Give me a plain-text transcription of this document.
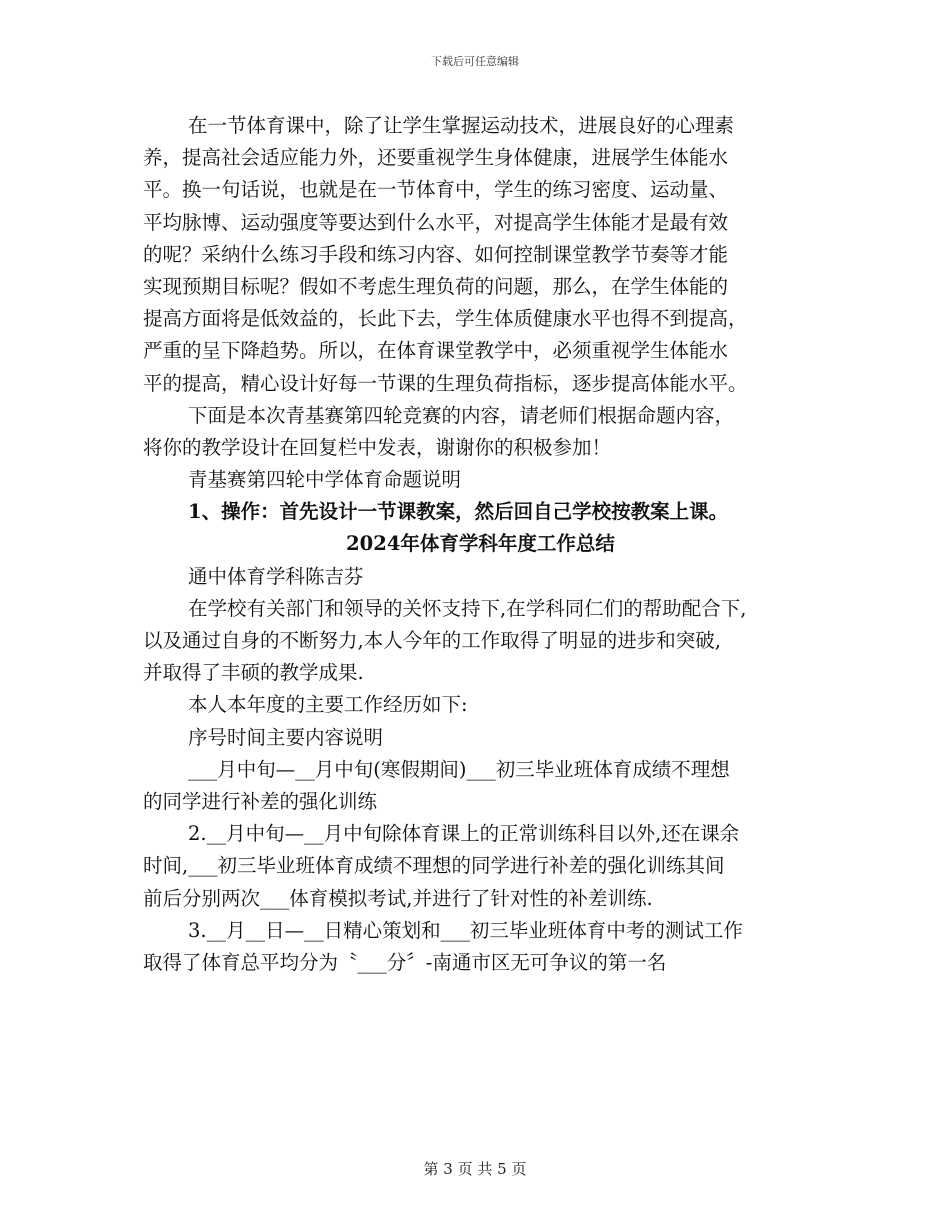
下载后可任意编辑
在一节体育课中，除了让学生掌握运动技术，进展良好的心理素
养，提高社会适应能力外，还要重视学生身体健康，进展学生体能水
平。换一句话说，也就是在一节体育中，学生的练习密度、运动量、
平均脉博、运动强度等要达到什么水平，对提高学生体能才是最有效
的呢？采纳什么练习手段和练习内容、如何控制课堂教学节奏等才能
实现预期目标呢？假如不考虑生理负荷的问题，那么，在学生体能的
提高方面将是低效益的，长此下去，学生体质健康水平也得不到提高，
严重的呈下降趋势。所以，在体育课堂教学中，必须重视学生体能水
平的提高，精心设计好每一节课的生理负荷指标，逐步提高体能水平。
下面是本次青基赛第四轮竞赛的内容，请老师们根据命题内容，
将你的教学设计在回复栏中发表，谢谢你的积极参加！
青基赛第四轮中学体育命题说明
1、操作：首先设计一节课教案，然后回自己学校按教案上课。
2024年体育学科年度工作总结
通中体育学科陈吉芬
在学校有关部门和领导的关怀支持下,在学科同仁们的帮助配合下,
以及通过自身的不断努力,本人今年的工作取得了明显的进步和突破,
并取得了丰硕的教学成果.
本人本年度的主要工作经历如下:
序号时间主要内容说明
___月中旬—__月中旬(寒假期间)___初三毕业班体育成绩不理想
的同学进行补差的强化训练
2.__月中旬—__月中旬除体育课上的正常训练科目以外,还在课余
时间,___初三毕业班体育成绩不理想的同学进行补差的强化训练其间
前后分别两次___体育模拟考试,并进行了针对性的补差训练.
3.__月__日—__日精心策划和___初三毕业班体育中考的测试工作
取得了体育总平均分为〝___分〞-南通市区无可争议的第一名
第 3 页 共 5 页
